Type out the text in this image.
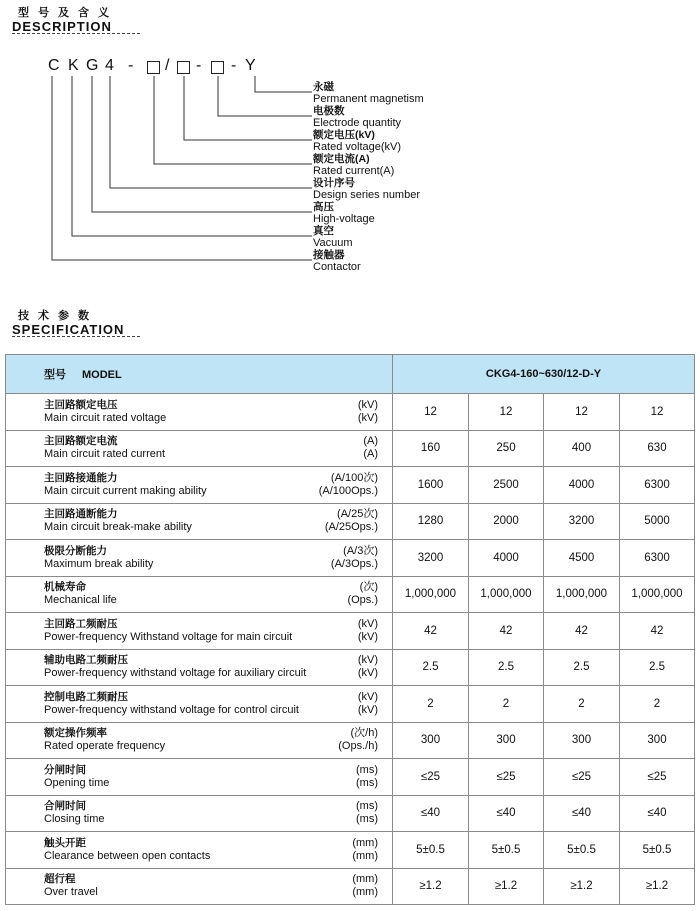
型号及含义
DESCRIPTION
C K G 4 - / - - Y
永磁
Permanent magnetism
电极数
Electrode quantity
额定电压(kV)
Rated voltage(kV)
额定电流(A)
Rated current(A)
设计序号
Design series number
高压
High-voltage
真空
Vacuum
接触器
Contactor
技术参数
SPECIFICATION
型号 MODEL	CKG4-160~630/12-D-Y			

主回路额定电压
Main circuit rated voltage
(kV)
(kV)	12	12	12	12

主回路额定电流
Main circuit rated current
(A)
(A)	160	250	400	630

主回路接通能力
Main circuit current making ability
(A/100次)
(A/100Ops.)	1600	2500	4000	6300

主回路通断能力
Main circuit break-make ability
(A/25次)
(A/25Ops.)	1280	2000	3200	5000

极限分断能力
Maximum break ability
(A/3次)
(A/3Ops.)	3200	4000	4500	6300

机械寿命
Mechanical life
(次)
(Ops.)	1,000,000	1,000,000	1,000,000	1,000,000

主回路工频耐压
Power-frequency Withstand voltage for main circuit
(kV)
(kV)	42	42	42	42

辅助电路工频耐压
Power-frequency withstand voltage for auxiliary circuit
(kV)
(kV)	2.5	2.5	2.5	2.5

控制电路工频耐压
Power-frequency withstand voltage for control circuit
(kV)
(kV)	2	2	2	2

额定操作频率
Rated operate frequency
(次/h)
(Ops./h)	300	300	300	300

分闸时间
Opening time
(ms)
(ms)	≤25	≤25	≤25	≤25

合闸时间
Closing time
(ms)
(ms)	≤40	≤40	≤40	≤40

触头开距
Clearance between open contacts
(mm)
(mm)	5±0.5	5±0.5	5±0.5	5±0.5

超行程
Over travel
(mm)
(mm)	≥1.2	≥1.2	≥1.2	≥1.2
